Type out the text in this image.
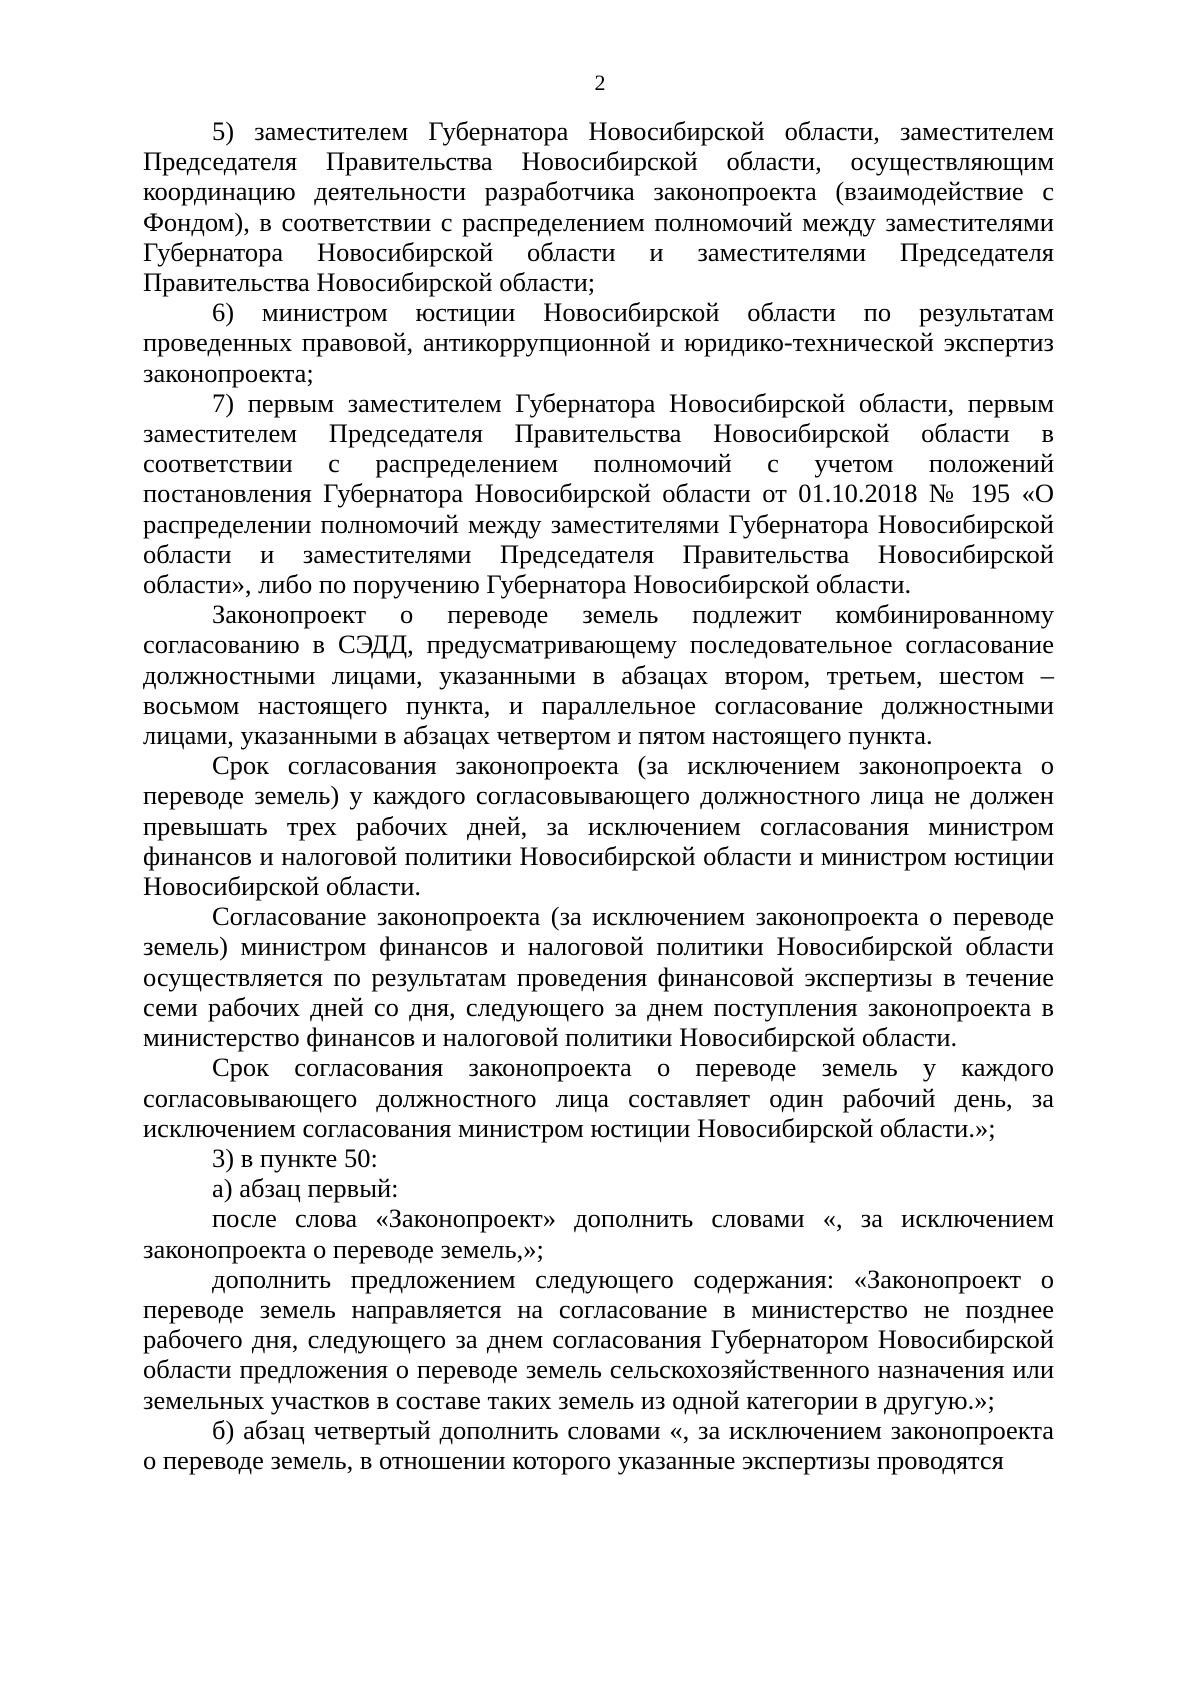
2

5) заместителем Губернатора Новосибирской области, заместителем Председателя Правительства Новосибирской области, осуществляющим координацию деятельности разработчика законопроекта (взаимодействие с Фондом), в соответствии с распределением полномочий между заместителями Губернатора Новосибирской области и заместителями Председателя Правительства Новосибирской области;

6) министром юстиции Новосибирской области по результатам проведенных правовой, антикоррупционной и юридико-технической экспертиз законопроекта;

7) первым заместителем Губернатора Новосибирской области, первым заместителем Председателя Правительства Новосибирской области в соответствии с распределением полномочий с учетом положений постановления Губернатора Новосибирской области от 01.10.2018 № 195 «О распределении полномочий между заместителями Губернатора Новосибирской области и заместителями Председателя Правительства Новосибирской области», либо по поручению Губернатора Новосибирской области.

Законопроект о переводе земель подлежит комбинированному согласованию в СЭДД, предусматривающему последовательное согласование должностными лицами, указанными в абзацах втором, третьем, шестом – восьмом настоящего пункта, и параллельное согласование должностными лицами, указанными в абзацах четвертом и пятом настоящего пункта.

Срок согласования законопроекта (за исключением законопроекта о переводе земель) у каждого согласовывающего должностного лица не должен превышать трех рабочих дней, за исключением согласования министром финансов и налоговой политики Новосибирской области и министром юстиции Новосибирской области.

Согласование законопроекта (за исключением законопроекта о переводе земель) министром финансов и налоговой политики Новосибирской области осуществляется по результатам проведения финансовой экспертизы в течение семи рабочих дней со дня, следующего за днем поступления законопроекта в министерство финансов и налоговой политики Новосибирской области.

Срок согласования законопроекта о переводе земель у каждого согласовывающего должностного лица составляет один рабочий день, за исключением согласования министром юстиции Новосибирской области.»;

3) в пункте 50:

а) абзац первый:

после слова «Законопроект» дополнить словами «, за исключением законопроекта о переводе земель,»;

дополнить предложением следующего содержания: «Законопроект о переводе земель направляется на согласование в министерство не позднее рабочего дня, следующего за днем согласования Губернатором Новосибирской области предложения о переводе земель сельскохозяйственного назначения или земельных участков в составе таких земель из одной категории в другую.»;

б) абзац четвертый дополнить словами «, за исключением законопроекта о переводе земель, в отношении которого указанные экспертизы проводятся
